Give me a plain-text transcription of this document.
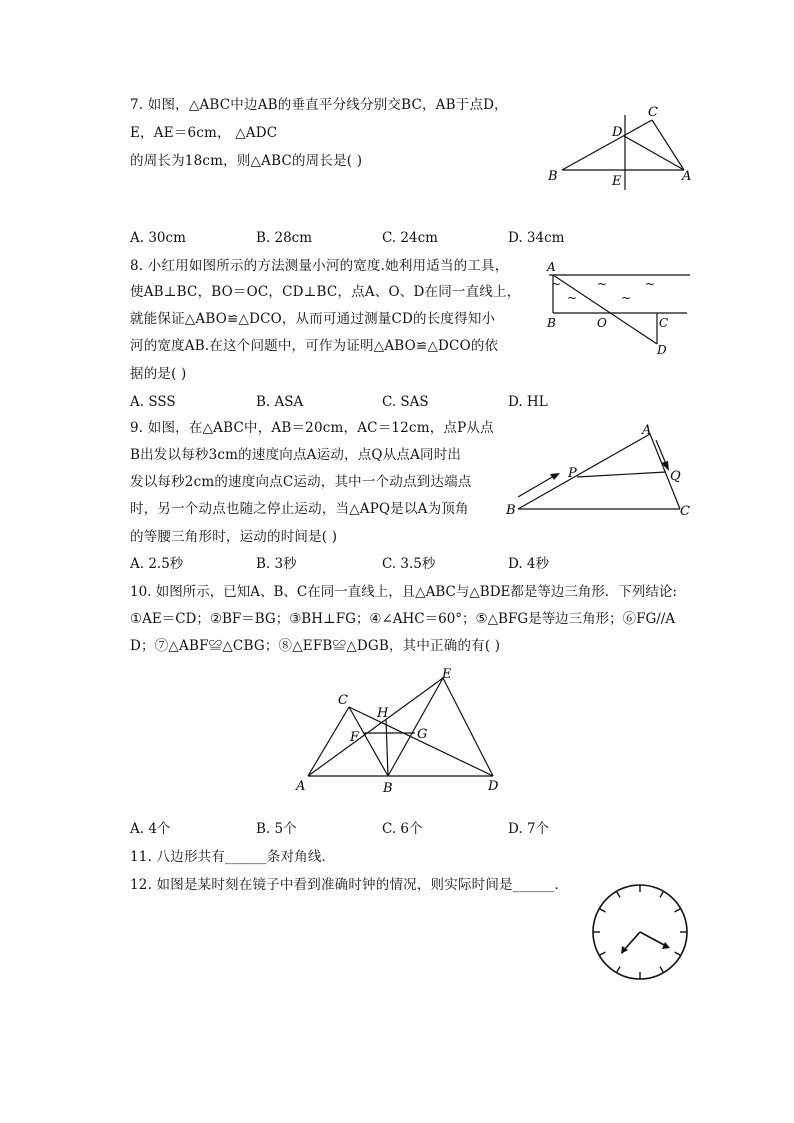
7. 如图，△ABC中边AB的垂直平分线分别交BC，AB于点D，
E，AE＝6cm， △ADC
的周长为18cm，则△ABC的周长是( )
C
D
B	E	A
A. 30cm	B. 28cm	C. 24cm	D. 34cm
8. 小红用如图所示的方法测量小河的宽度.她利用适当的工具，
使AB⊥BC，BO＝OC，CD⊥BC，点A、O、D在同一直线上，
就能保证△ABO≌△DCO，从而可通过测量CD的长度得知小
河的宽度AB.在这个问题中，可作为证明△ABO≌△DCO的依
据的是( )
A
B	O	C
D
~
~
~
~
~
A. SSS	B. ASA	C. SAS	D. HL
9. 如图，在△ABC中，AB＝20cm，AC＝12cm，点P从点
B出发以每秒3cm的速度向点A运动，点Q从点A同时出
发以每秒2cm的速度向点C运动，其中一个动点到达端点
时，另一个动点也随之停止运动，当△APQ是以A为顶角
的等腰三角形时，运动的时间是( )
A
Q
P
B	C
A. 2.5秒	B. 3秒	C. 3.5秒	D. 4秒
10. 如图所示，已知A、B、C在同一直线上，且△ABC与△BDE都是等边三角形．下列结论:
①AE＝CD；②BF＝BG；③BH⊥FG；④∠AHC＝60°；⑤△BFG是等边三角形；⑥FG//A
D；⑦△ABF≌△CBG；⑧△EFB≌△DGB，其中正确的有( )
C
H
E
F	G
A	B	D
A. 4个	B. 5个	C. 6个	D. 7个
11. 八边形共有______条对角线．
12. 如图是某时刻在镜子中看到准确时钟的情况，则实际时间是______．
